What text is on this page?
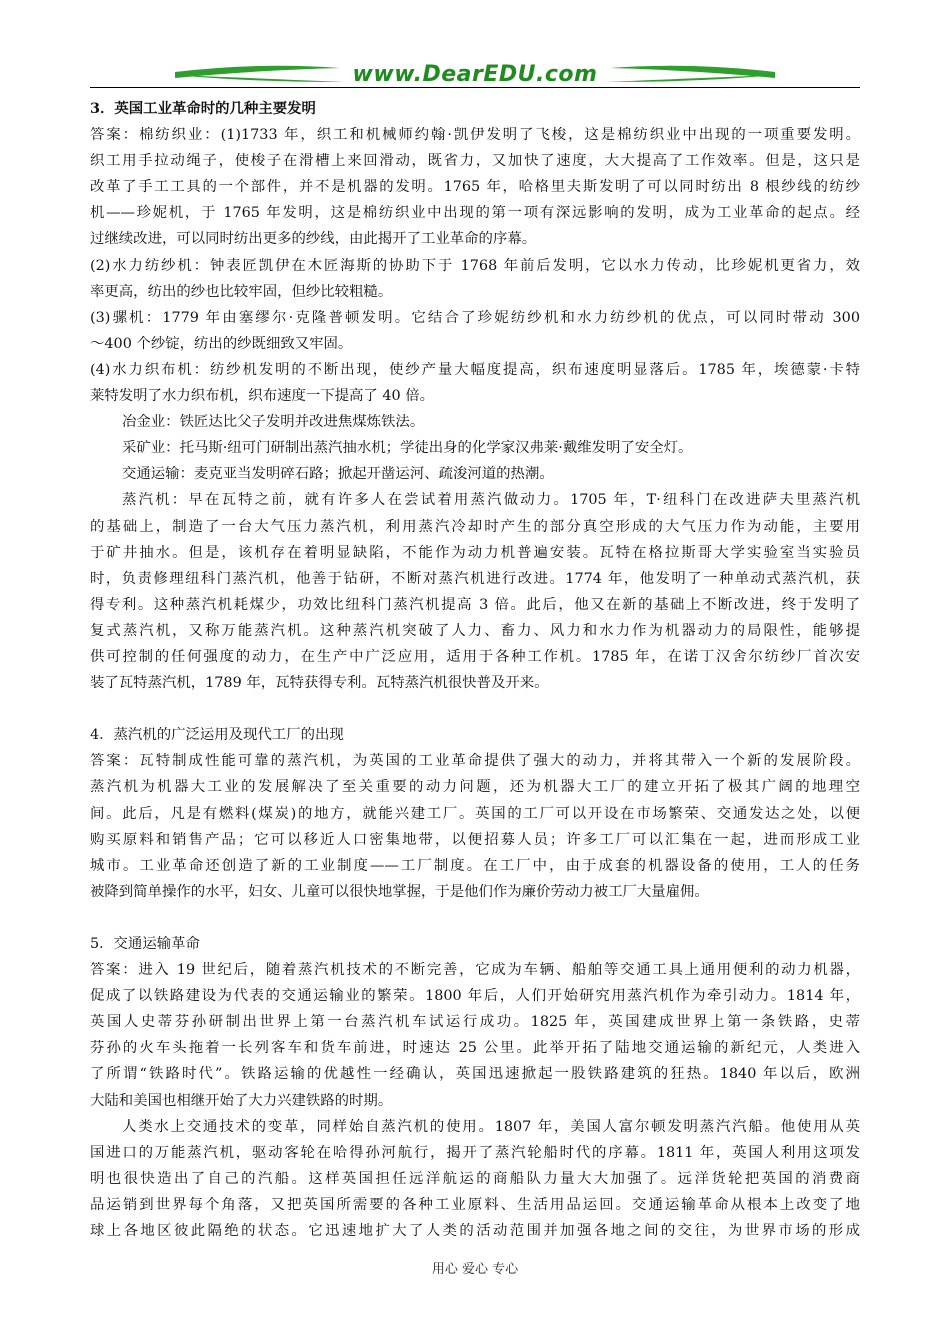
www.DearEDU.com
3．英国工业革命时的几种主要发明
答案：棉纺织业：(1)1733 年，织工和机械师约翰·凯伊发明了飞梭，这是棉纺织业中出现的一项重要发明。
织工用手拉动绳子，使梭子在滑槽上来回滑动，既省力，又加快了速度，大大提高了工作效率。但是，这只是
改革了手工工具的一个部件，并不是机器的发明。1765 年，哈格里夫斯发明了可以同时纺出 8 根纱线的纺纱
机——珍妮机，于 1765 年发明，这是棉纺织业中出现的第一项有深远影响的发明，成为工业革命的起点。经
过继续改进，可以同时纺出更多的纱线，由此揭开了工业革命的序幕。
(2)水力纺纱机：钟表匠凯伊在木匠海斯的协助下于 1768 年前后发明，它以水力传动，比珍妮机更省力，效
率更高，纺出的纱也比较牢固，但纱比较粗糙。
(3)骡机：1779 年由塞缪尔·克隆普顿发明。它结合了珍妮纺纱机和水力纺纱机的优点，可以同时带动 300
～400 个纱锭，纺出的纱既细致又牢固。
(4)水力织布机：纺纱机发明的不断出现，使纱产量大幅度提高，织布速度明显落后。1785 年，埃德蒙·卡特
莱特发明了水力织布机，织布速度一下提高了 40 倍。
冶金业：铁匠达比父子发明并改进焦煤炼铁法。
采矿业：托马斯·纽可门研制出蒸汽抽水机；学徒出身的化学家汉弗莱·戴维发明了安全灯。
交通运输：麦克亚当发明碎石路；掀起开凿运河、疏浚河道的热潮。
蒸汽机：早在瓦特之前，就有许多人在尝试着用蒸汽做动力。1705 年，T·纽科门在改进萨夫里蒸汽机
的基础上，制造了一台大气压力蒸汽机，利用蒸汽冷却时产生的部分真空形成的大气压力作为动能，主要用
于矿井抽水。但是，该机存在着明显缺陷，不能作为动力机普遍安装。瓦特在格拉斯哥大学实验室当实验员
时，负责修理纽科门蒸汽机，他善于钻研，不断对蒸汽机进行改进。1774 年，他发明了一种单动式蒸汽机，获
得专利。这种蒸汽机耗煤少，功效比纽科门蒸汽机提高 3 倍。此后，他又在新的基础上不断改进，终于发明了
复式蒸汽机，又称万能蒸汽机。这种蒸汽机突破了人力、畜力、风力和水力作为机器动力的局限性，能够提
供可控制的任何强度的动力，在生产中广泛应用，适用于各种工作机。1785 年，在诺丁汉舍尔纺纱厂首次安
装了瓦特蒸汽机，1789 年，瓦特获得专利。瓦特蒸汽机很快普及开来。
4．蒸汽机的广泛运用及现代工厂的出现
答案：瓦特制成性能可靠的蒸汽机，为英国的工业革命提供了强大的动力，并将其带入一个新的发展阶段。
蒸汽机为机器大工业的发展解决了至关重要的动力问题，还为机器大工厂的建立开拓了极其广阔的地理空
间。此后，凡是有燃料(煤炭)的地方，就能兴建工厂。英国的工厂可以开设在市场繁荣、交通发达之处，以便
购买原料和销售产品；它可以移近人口密集地带，以便招募人员；许多工厂可以汇集在一起，进而形成工业
城市。工业革命还创造了新的工业制度——工厂制度。在工厂中，由于成套的机器设备的使用，工人的任务
被降到简单操作的水平，妇女、儿童可以很快地掌握，于是他们作为廉价劳动力被工厂大量雇佣。
5．交通运输革命
答案：进入 19 世纪后，随着蒸汽机技术的不断完善，它成为车辆、船舶等交通工具上通用便利的动力机器，
促成了以铁路建设为代表的交通运输业的繁荣。1800 年后，人们开始研究用蒸汽机作为牵引动力。1814 年，
英国人史蒂芬孙研制出世界上第一台蒸汽机车试运行成功。1825 年，英国建成世界上第一条铁路，史蒂
芬孙的火车头拖着一长列客车和货车前进，时速达 25 公里。此举开拓了陆地交通运输的新纪元，人类进入
了所谓“铁路时代”。铁路运输的优越性一经确认，英国迅速掀起一股铁路建筑的狂热。1840 年以后，欧洲
大陆和美国也相继开始了大力兴建铁路的时期。
人类水上交通技术的变革，同样始自蒸汽机的使用。1807 年，美国人富尔顿发明蒸汽汽船。他使用从英
国进口的万能蒸汽机，驱动客轮在哈得孙河航行，揭开了蒸汽轮船时代的序幕。1811 年，英国人利用这项发
明也很快造出了自己的汽船。这样英国担任远洋航运的商船队力量大大加强了。远洋货轮把英国的消费商
品运销到世界每个角落，又把英国所需要的各种工业原料、生活用品运回。交通运输革命从根本上改变了地
球上各地区彼此隔绝的状态。它迅速地扩大了人类的活动范围并加强各地之间的交往，为世界市场的形成
用心 爱心 专心
